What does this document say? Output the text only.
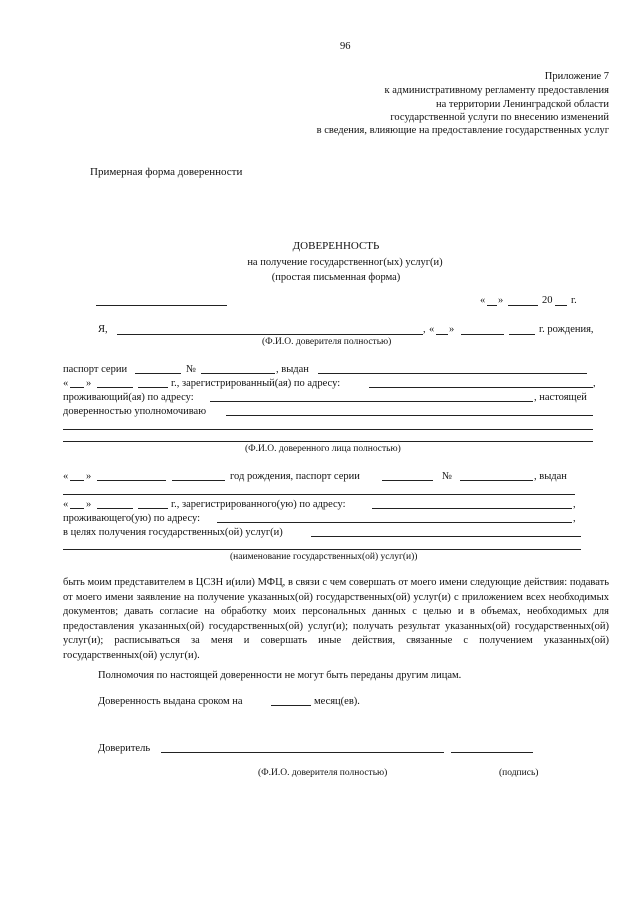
96
Приложение 7
к административному регламенту предоставления
на территории Ленинградской области
государственной услуги по внесению изменений
в сведения, влияющие на предоставление государственных услуг
Примерная форма доверенности
ДОВЕРЕННОСТЬ
на получение государственног(ых) услуг(и)
(простая письменная форма)
« »	20 г.
Я,	, « »	г. рождения,
(Ф.И.О. доверителя полностью)
паспорт серии	№	, выдан
« »	г., зарегистрированный(ая) по адресу:	,
проживающий(ая) по адресу:	, настоящей
доверенностью уполномочиваю
(Ф.И.О. доверенного лица полностью)
« »	год рождения, паспорт серии	№	, выдан
« »	г., зарегистрированного(ую) по адресу:	,
проживающего(ую) по адресу:	,
в целях получения государственных(ой) услуг(и)
(наименование государственных(ой) услуг(и))
быть моим представителем в ЦСЗН и(или) МФЦ, в связи с чем совершать от моего имени следующие действия: подавать от моего имени заявление на получение указанных(ой) государственных(ой) услуг(и) с приложением всех необходимых документов; давать согласие на обработку моих персональных данных с целью и в объемах, необходимых для предоставления указанных(ой) государственных(ой) услуг(и); получать результат указанных(ой) государственных(ой) услуг(и); расписываться за меня и совершать иные действия, связанные с получением указанных(ой) государственных(ой) услуг(и).
Полномочия по настоящей доверенности не могут быть переданы другим лицам.
Доверенность выдана сроком на	месяц(ев).
Доверитель
(Ф.И.О. доверителя полностью)	(подпись)
